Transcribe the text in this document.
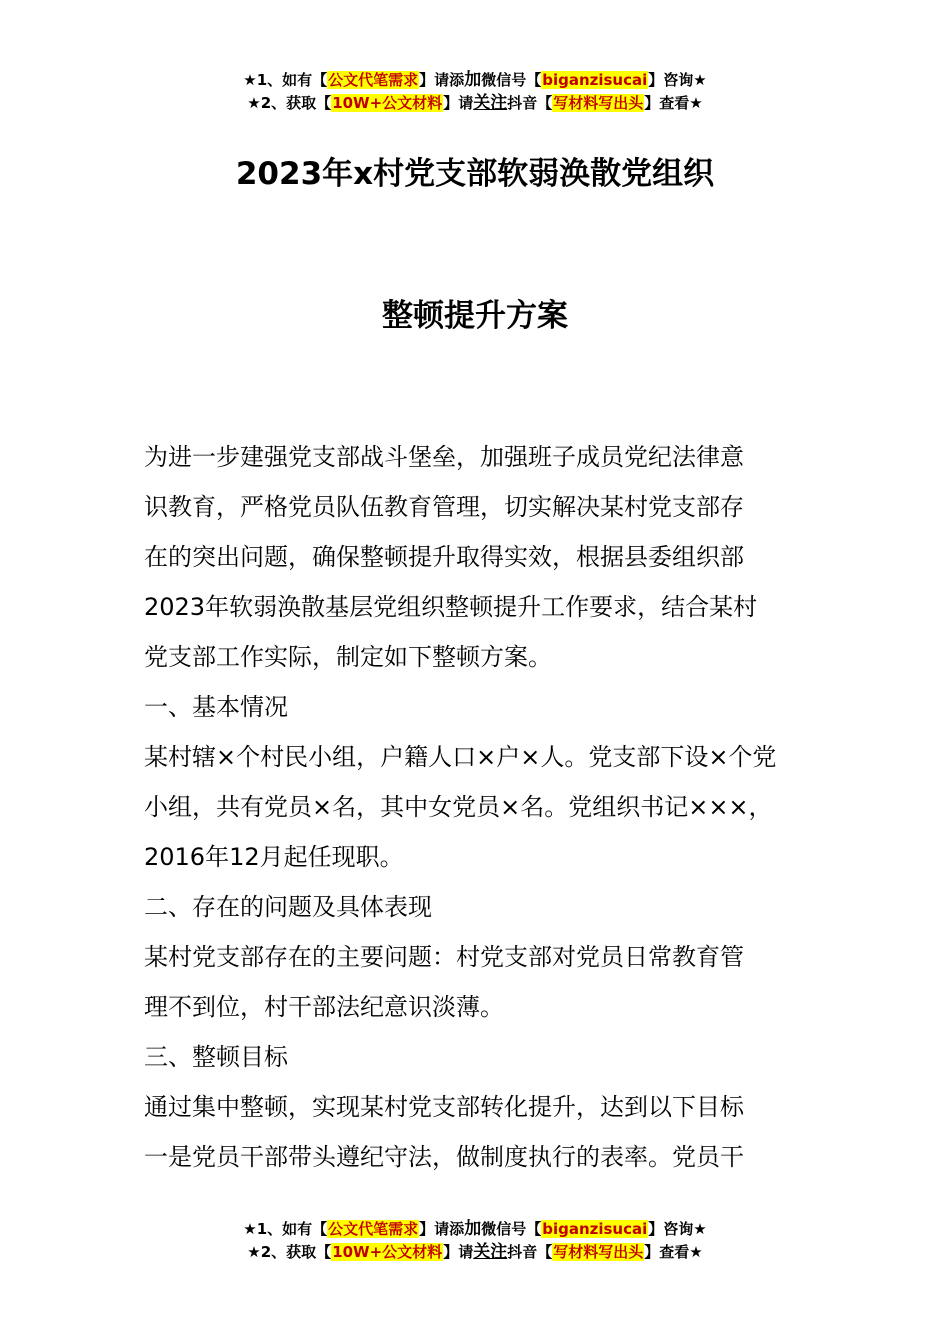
★1、如有【公文代笔需求】请添加微信号【biganzisucai】咨询★
★2、获取【10W+公文材料】请关注抖音【写材料写出头】查看★
2023年x村党支部软弱涣散党组织
整顿提升方案

为进一步建强党支部战斗堡垒，加强班子成员党纪法律意

识教育，严格党员队伍教育管理，切实解决某村党支部存

在的突出问题，确保整顿提升取得实效，根据县委组织部

2023年软弱涣散基层党组织整顿提升工作要求，结合某村

党支部工作实际，制定如下整顿方案。

一、基本情况

某村辖×个村民小组，户籍人口×户×人。党支部下设×个党

小组，共有党员×名，其中女党员×名。党组织书记×××，

2016年12月起任现职。

二、存在的问题及具体表现

某村党支部存在的主要问题：村党支部对党员日常教育管

理不到位，村干部法纪意识淡薄。

三、整顿目标

通过集中整顿，实现某村党支部转化提升，达到以下目标

一是党员干部带头遵纪守法，做制度执行的表率。党员干

★1、如有【公文代笔需求】请添加微信号【biganzisucai】咨询★
★2、获取【10W+公文材料】请关注抖音【写材料写出头】查看★
